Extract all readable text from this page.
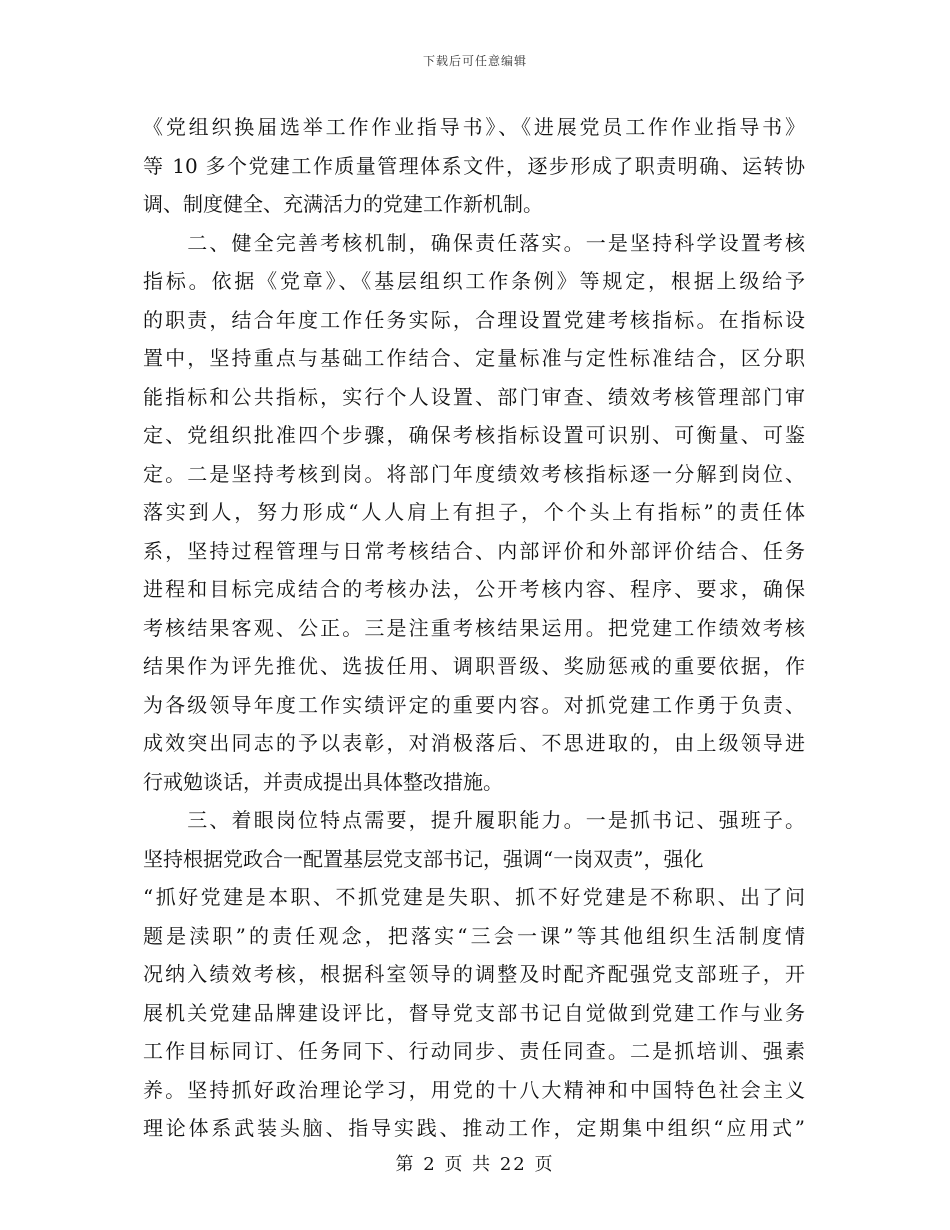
下载后可任意编辑
《党组织换届选举工作作业指导书》、《进展党员工作作业指导书》
等 10 多个党建工作质量管理体系文件，逐步形成了职责明确、运转协
调、制度健全、充满活力的党建工作新机制。
　　二、健全完善考核机制，确保责任落实。一是坚持科学设置考核
指标。依据《党章》、《基层组织工作条例》等规定，根据上级给予
的职责，结合年度工作任务实际，合理设置党建考核指标。在指标设
置中，坚持重点与基础工作结合、定量标准与定性标准结合，区分职
能指标和公共指标，实行个人设置、部门审查、绩效考核管理部门审
定、党组织批准四个步骤，确保考核指标设置可识别、可衡量、可鉴
定。二是坚持考核到岗。将部门年度绩效考核指标逐一分解到岗位、
落实到人，努力形成“人人肩上有担子，个个头上有指标”的责任体
系，坚持过程管理与日常考核结合、内部评价和外部评价结合、任务
进程和目标完成结合的考核办法，公开考核内容、程序、要求，确保
考核结果客观、公正。三是注重考核结果运用。把党建工作绩效考核
结果作为评先推优、选拔任用、调职晋级、奖励惩戒的重要依据，作
为各级领导年度工作实绩评定的重要内容。对抓党建工作勇于负责、
成效突出同志的予以表彰，对消极落后、不思进取的，由上级领导进
行戒勉谈话，并责成提出具体整改措施。
　　三、着眼岗位特点需要，提升履职能力。一是抓书记、强班子。
坚持根据党政合一配置基层党支部书记，强调“一岗双责”，强化
“抓好党建是本职、不抓党建是失职、抓不好党建是不称职、出了问
题是渎职”的责任观念，把落实“三会一课”等其他组织生活制度情
况纳入绩效考核，根据科室领导的调整及时配齐配强党支部班子，开
展机关党建品牌建设评比，督导党支部书记自觉做到党建工作与业务
工作目标同订、任务同下、行动同步、责任同查。二是抓培训、强素
养。坚持抓好政治理论学习，用党的十八大精神和中国特色社会主义
理论体系武装头脑、指导实践、推动工作，定期集中组织“应用式”
第 2 页 共 22 页
